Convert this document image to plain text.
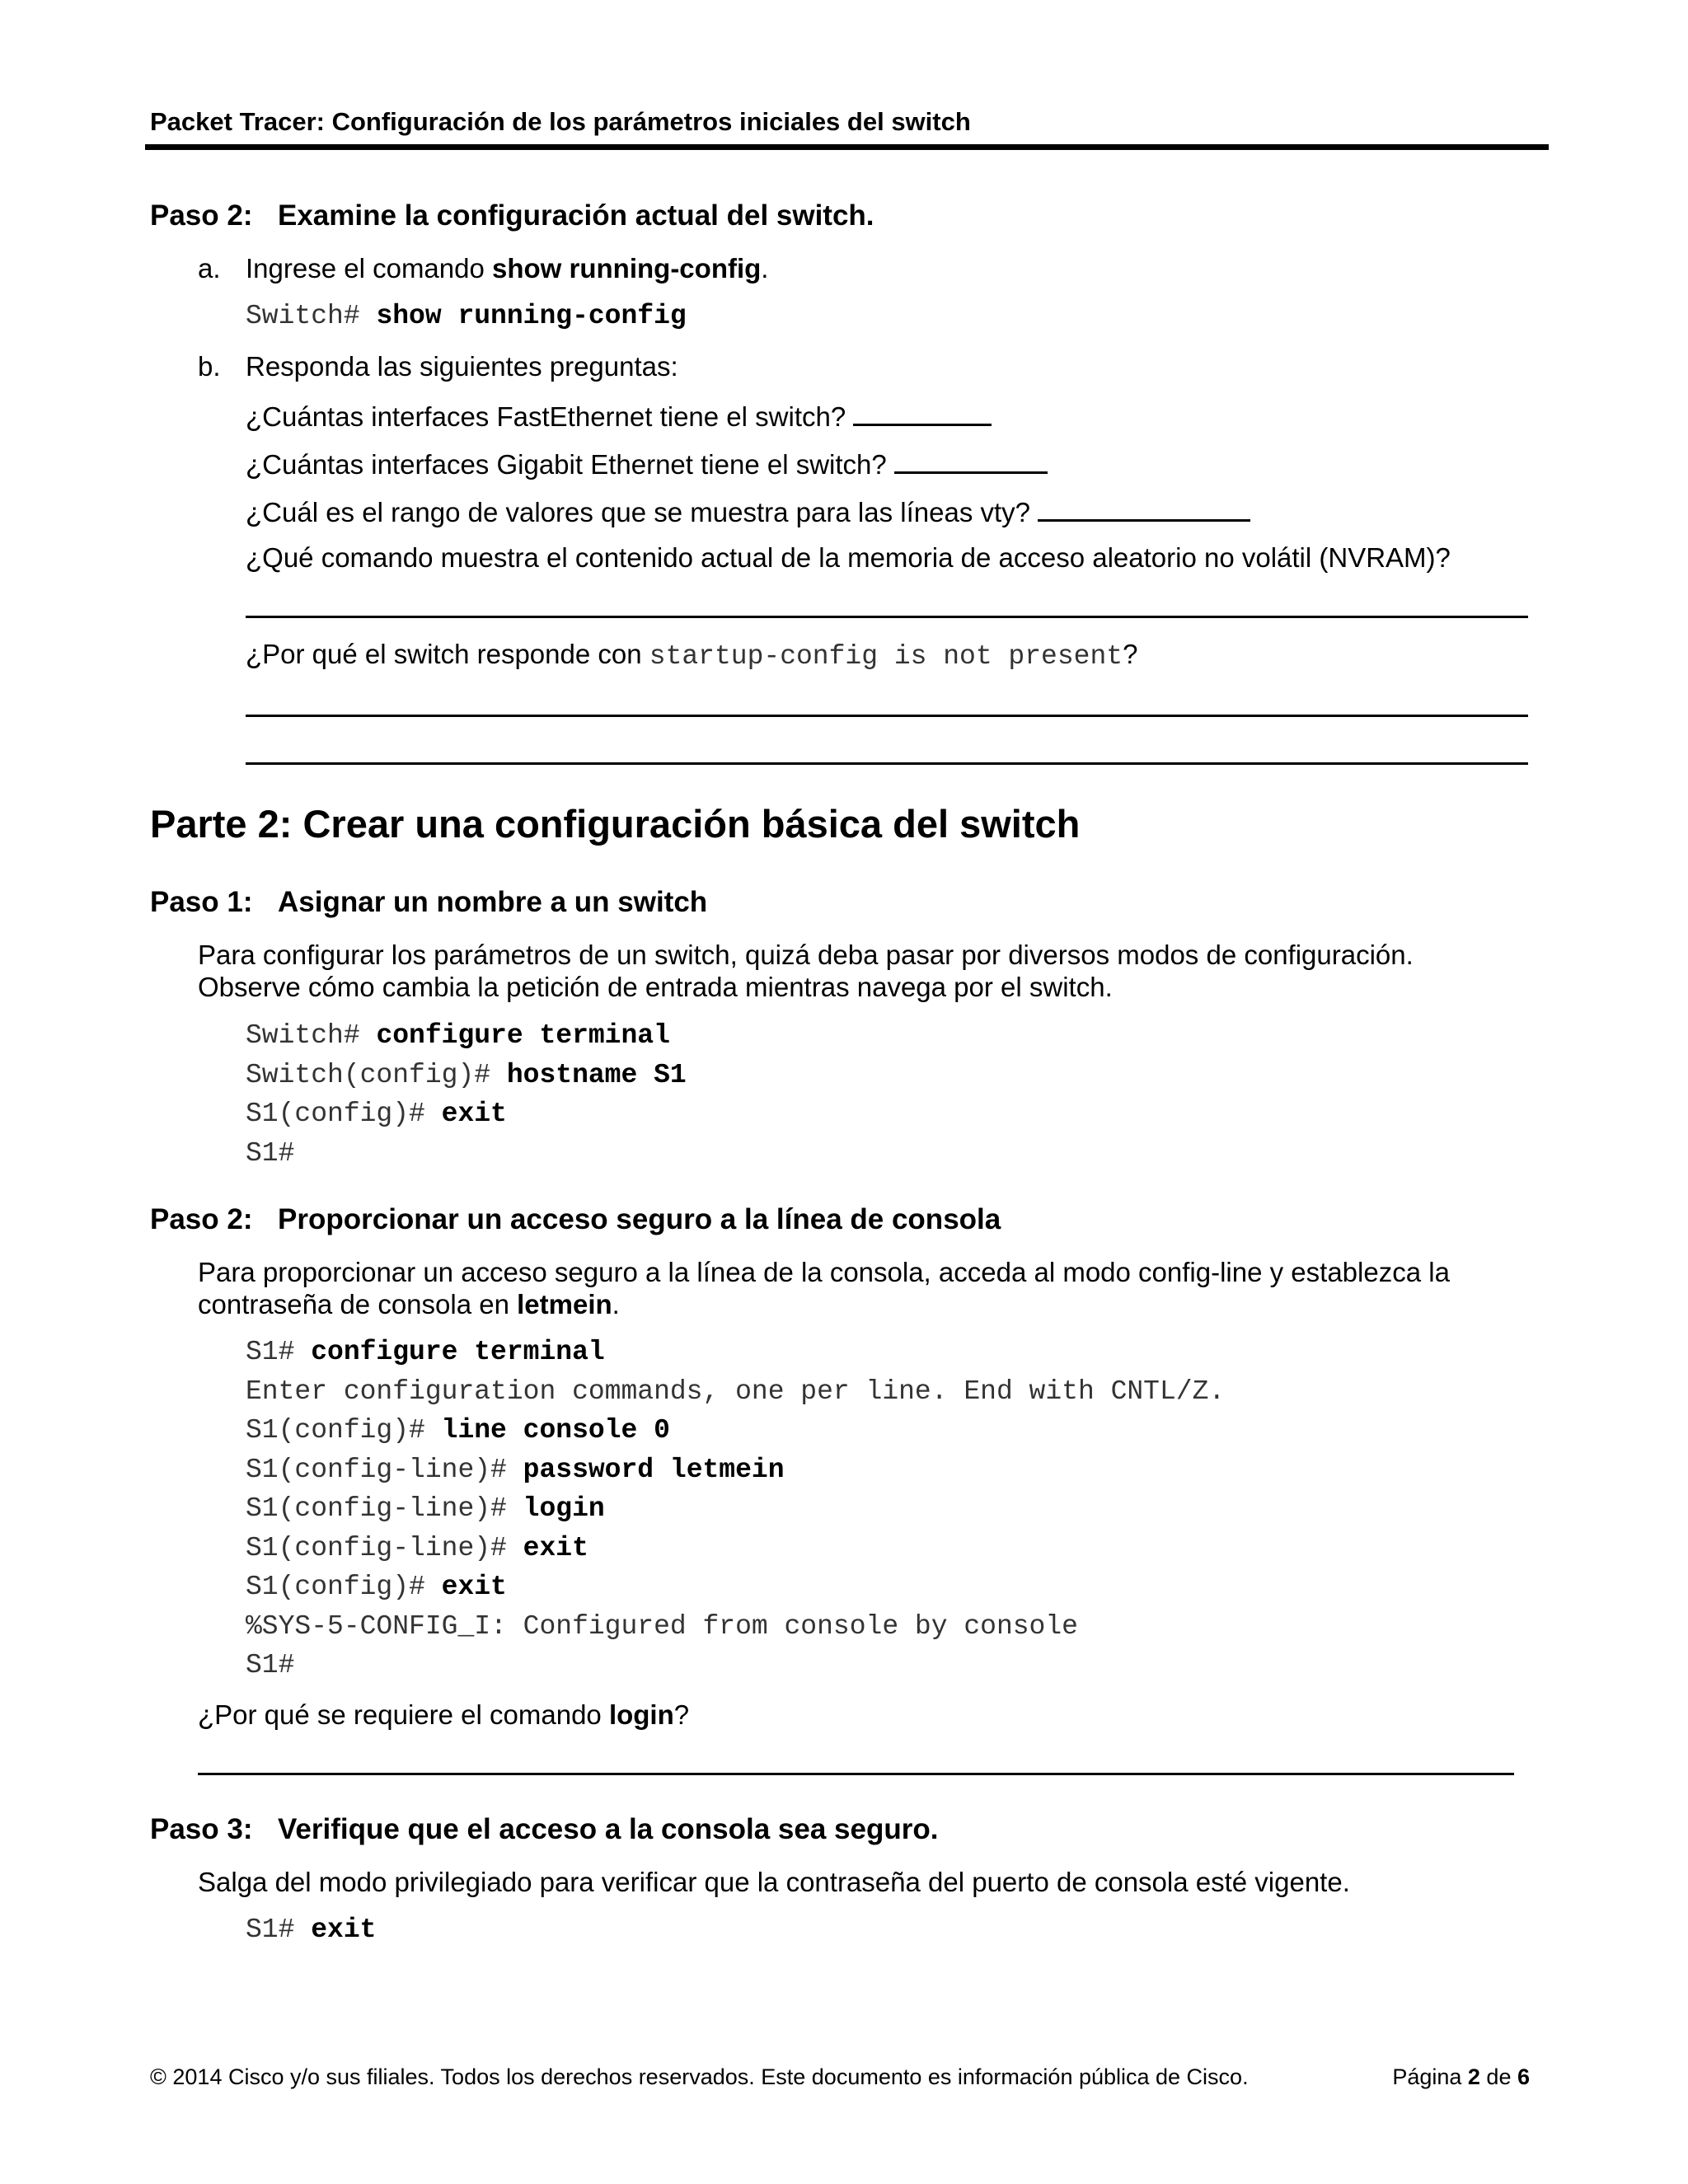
Packet Tracer: Configuración de los parámetros iniciales del switch
Paso 2: Examine la configuración actual del switch.
a. Ingrese el comando show running-config.
Switch# show running-config
b. Responda las siguientes preguntas:
¿Cuántas interfaces FastEthernet tiene el switch?
¿Cuántas interfaces Gigabit Ethernet tiene el switch?
¿Cuál es el rango de valores que se muestra para las líneas vty?
¿Qué comando muestra el contenido actual de la memoria de acceso aleatorio no volátil (NVRAM)?
¿Por qué el switch responde con startup-config is not present?
Parte 2: Crear una configuración básica del switch
Paso 1: Asignar un nombre a un switch
Para configurar los parámetros de un switch, quizá deba pasar por diversos modos de configuración.
Observe cómo cambia la petición de entrada mientras navega por el switch.
Switch# configure terminal
Switch(config)# hostname S1
S1(config)# exit
S1#
Paso 2: Proporcionar un acceso seguro a la línea de consola
Para proporcionar un acceso seguro a la línea de la consola, acceda al modo config-line y establezca la
contraseña de consola en letmein.
S1# configure terminal
Enter configuration commands, one per line. End with CNTL/Z.
S1(config)# line console 0
S1(config-line)# password letmein
S1(config-line)# login
S1(config-line)# exit
S1(config)# exit
%SYS-5-CONFIG_I: Configured from console by console
S1#
¿Por qué se requiere el comando login?
Paso 3: Verifique que el acceso a la consola sea seguro.
Salga del modo privilegiado para verificar que la contraseña del puerto de consola esté vigente.
S1# exit
© 2014 Cisco y/o sus filiales. Todos los derechos reservados. Este documento es información pública de Cisco.	Página 2 de 6
